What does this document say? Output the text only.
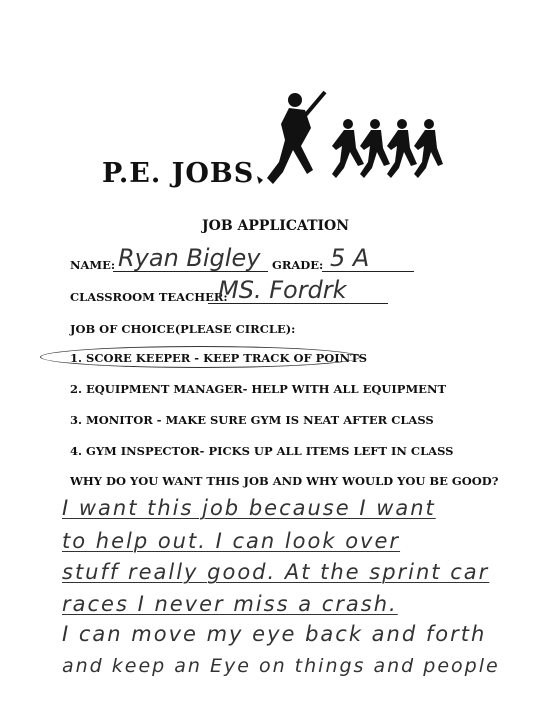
P.E. JOBS
JOB APPLICATION
NAME: Ryan Bigley GRADE: 5 A
CLASSROOM TEACHER:
MS. Fordrk
JOB OF CHOICE(PLEASE CIRCLE):
1. SCORE KEEPER - KEEP TRACK OF POINTS
2. EQUIPMENT MANAGER- HELP WITH ALL EQUIPMENT
3. MONITOR - MAKE SURE GYM IS NEAT AFTER CLASS
4. GYM INSPECTOR- PICKS UP ALL ITEMS LEFT IN CLASS
WHY DO YOU WANT THIS JOB AND WHY WOULD YOU BE GOOD?
I want this job because I want
to help out. I can look over
stuff really good. At the sprint car
races I never miss a crash.
I can move my eye back and forth
and keep an Eye on things and people
